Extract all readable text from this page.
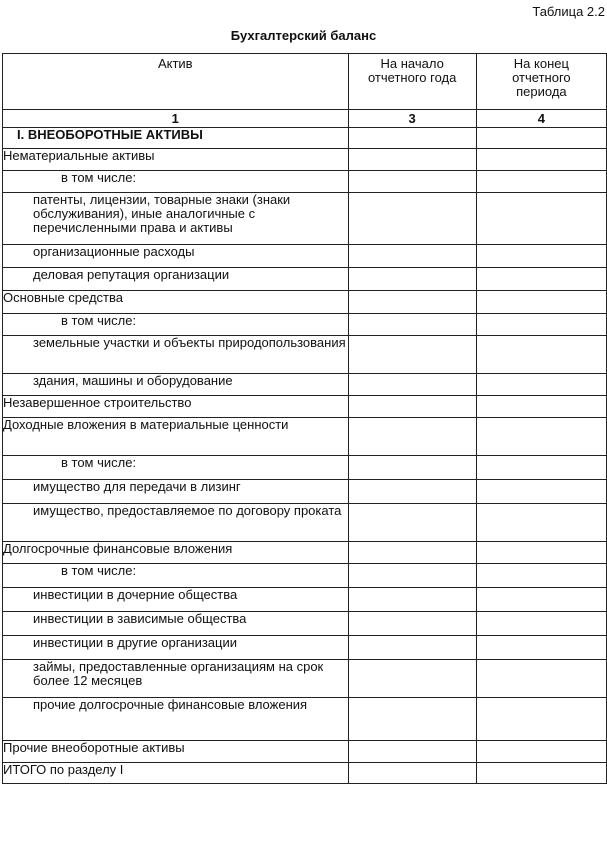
Таблица 2.2
Бухгалтерский баланс
Актив	На начало отчетного года	На конец отчетного периода

1	3	4
I. ВНЕОБОРОТНЫЕ АКТИВЫ		
Нематериальные активы		
в том числе:		
патенты, лицензии, товарные знаки (знаки обслуживания), иные аналогичные с перечисленными права и активы		
организационные расходы		
деловая репутация организации		
Основные средства		
в том числе:		
земельные участки и объекты природопользования		
здания, машины и оборудование		
Незавершенное строительство		
Доходные вложения в материальные ценности		
в том числе:		
имущество для передачи в лизинг		
имущество, предоставляемое по договору проката		
Долгосрочные финансовые вложения		
в том числе:		
инвестиции в дочерние общества		
инвестиции в зависимые общества		
инвестиции в другие организации		
займы, предоставленные организациям на срок более 12 месяцев		
прочие долгосрочные финансовые вложения		
Прочие внеоборотные активы		
ИТОГО по разделу I		
